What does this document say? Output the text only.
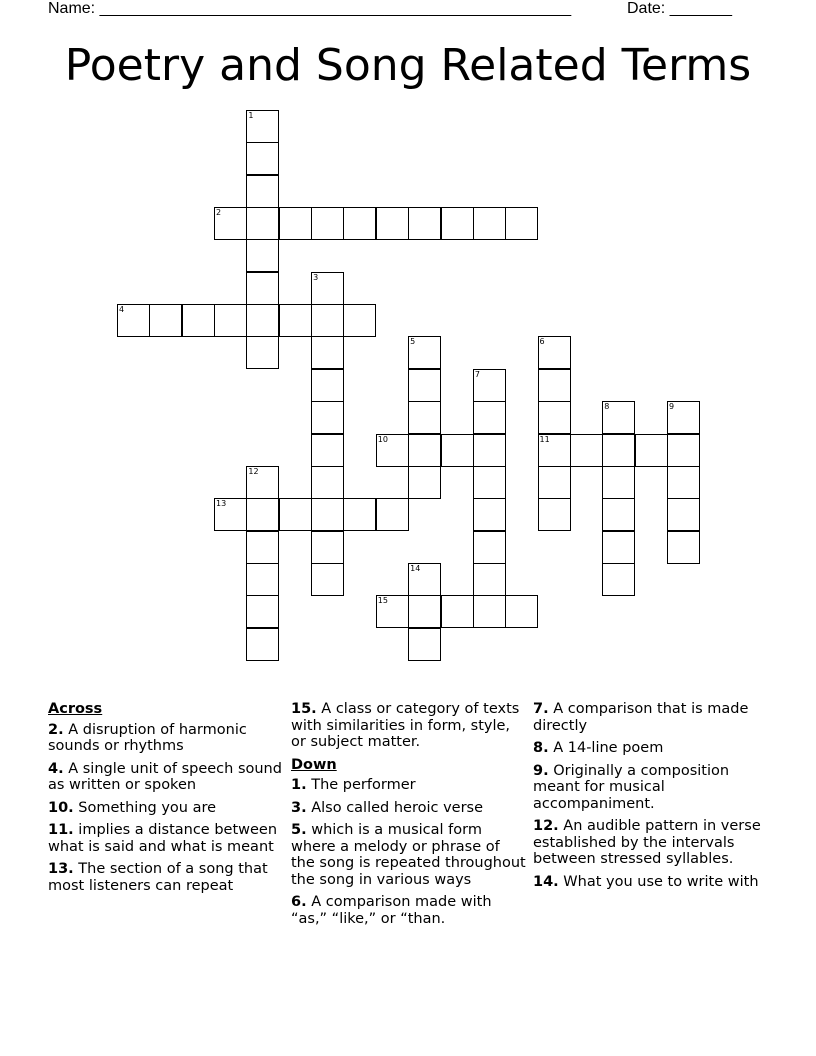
Name: _____________________________________________________	Date: _______
Poetry and Song Related Terms
1
2
3
4
5	6
11
7
8	9
10
12
13
14
15
Across
2. A disruption of harmonic sounds or rhythms
4. A single unit of speech sound as written or spoken
10. Something you are
11. implies a distance between what is said and what is meant
13. The section of a song that most listeners can repeat
15. A class or category of texts with similarities in form, style, or subject matter.
Down
1. The performer
3. Also called heroic verse
5. which is a musical form where a melody or phrase of the song is repeated throughout the song in various ways
6. A comparison made with “as,” “like,” or “than.
7. A comparison that is made directly
8. A 14-line poem
9. Originally a composition meant for musical accompaniment.
12. An audible pattern in verse established by the intervals between stressed syllables.
14. What you use to write with
